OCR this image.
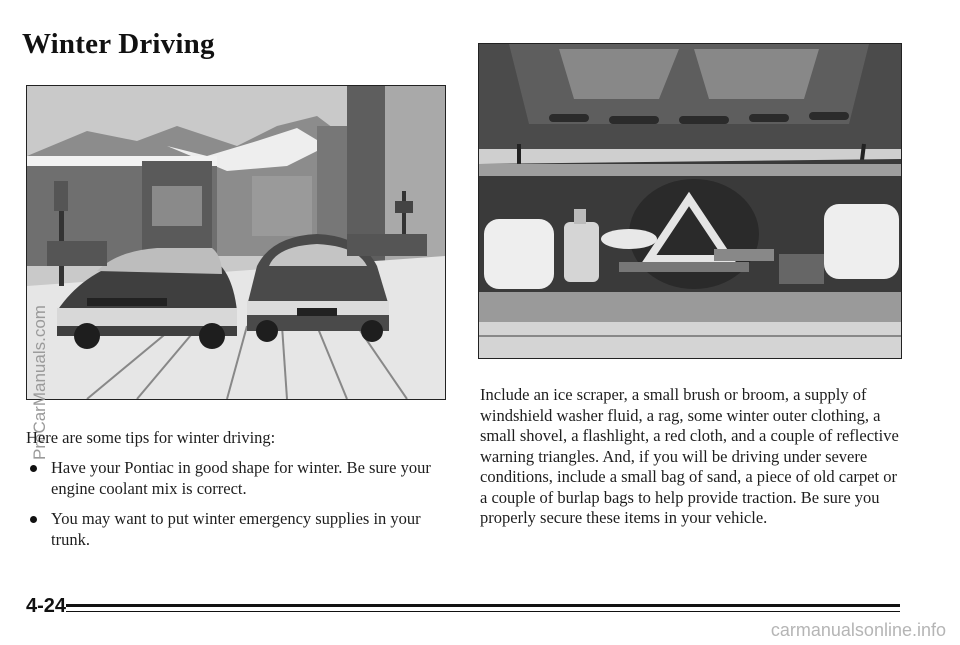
Winter Driving
ProCarManuals.com
Here are some tips for winter driving:
Have your Pontiac in good shape for winter. Be sure your engine coolant mix is correct.
You may want to put winter emergency supplies in your trunk.
Include an ice scraper, a small brush or broom, a supply of windshield washer fluid, a rag, some winter outer clothing, a small shovel, a flashlight, a red cloth, and a couple of reflective warning triangles. And, if you will be driving under severe conditions, include a small bag of sand, a piece of old carpet or a couple of burlap bags to help provide traction. Be sure you properly secure these items in your vehicle.
4-24
carmanualsonline.info
